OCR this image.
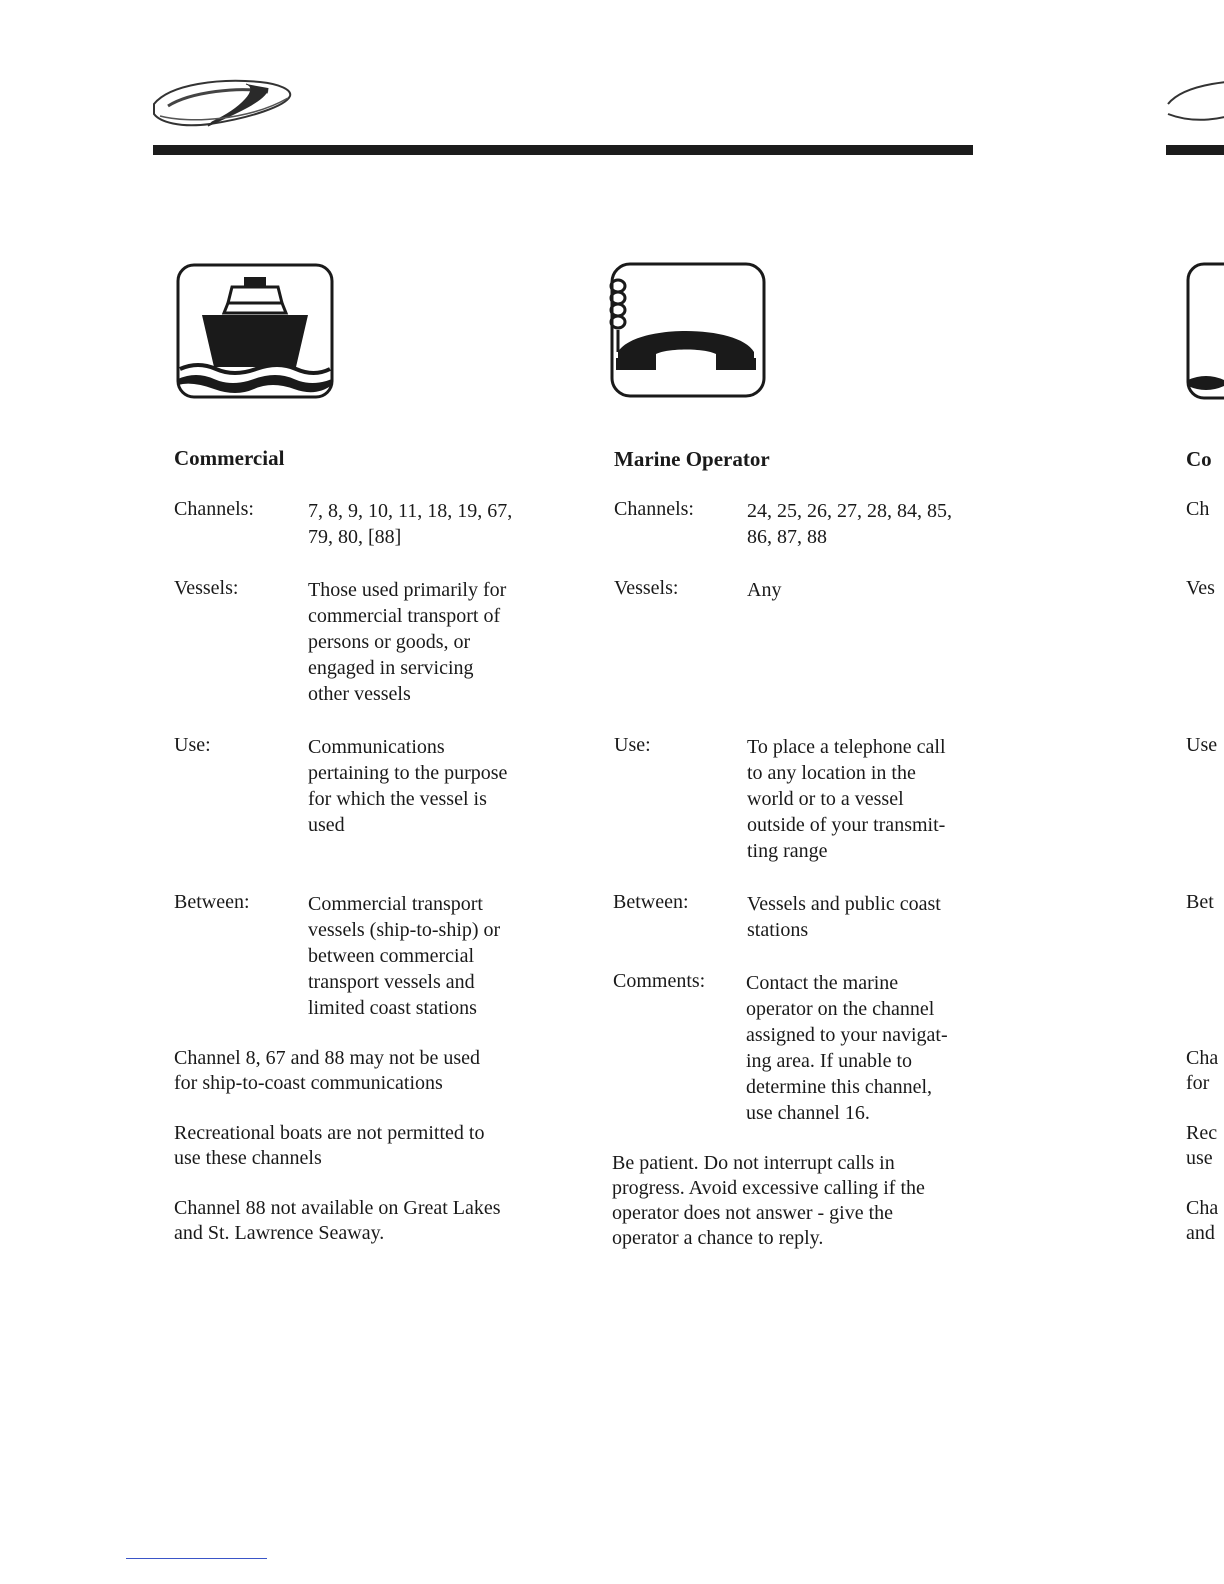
Commercial
Channels:	7, 8, 9, 10, 11, 18, 19, 67,
79, 80, [88]
Vessels:	Those used primarily for
commercial transport of
persons or goods, or
engaged in servicing
other vessels
Use:	Communications
pertaining to the purpose
for which the vessel is
used
Between:	Commercial transport
vessels (ship-to-ship) or
between commercial
transport vessels and
limited coast stations
Channel 8, 67 and 88 may not be used
for ship-to-coast communications
Recreational boats are not permitted to
use these channels
Channel 88 not available on Great Lakes
and St. Lawrence Seaway.
Marine Operator
Channels:	24, 25, 26, 27, 28, 84, 85,
86, 87, 88
Vessels:	Any
Use:	To place a telephone call
to any location in the
world or to a vessel
outside of your transmit-
ting range
Between:	Vessels and public coast
stations
Comments: Contact the marine
operator on the channel
assigned to your navigat-
ing area. If unable to
determine this channel,
use channel 16.
Be patient. Do not interrupt calls in
progress. Avoid excessive calling if the
operator does not answer - give the
operator a chance to reply.
Co
Ch
Ves
Use
Bet
Cha
for
Rec
use
Cha
and
